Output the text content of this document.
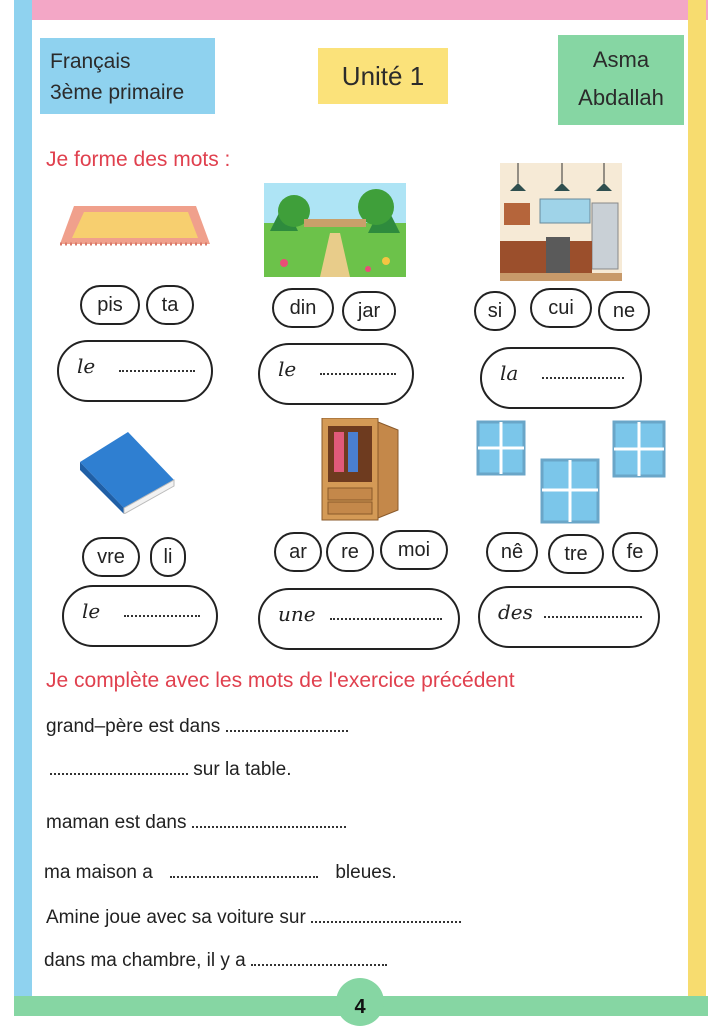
Français
3ème primaire
Unité 1
Asma
Abdallah
Je forme des mots :
pis	ta	din	jar	si	cui	ne
le	le	la
vre	li	ar	re	moi	nê	tre	fe
le	une	des
Je complète avec les mots de l'exercice précédent
grand–père est dans
sur la table.
maman est dans
ma maison a	bleues.
Amine joue avec sa voiture sur
dans ma chambre, il y a
4
